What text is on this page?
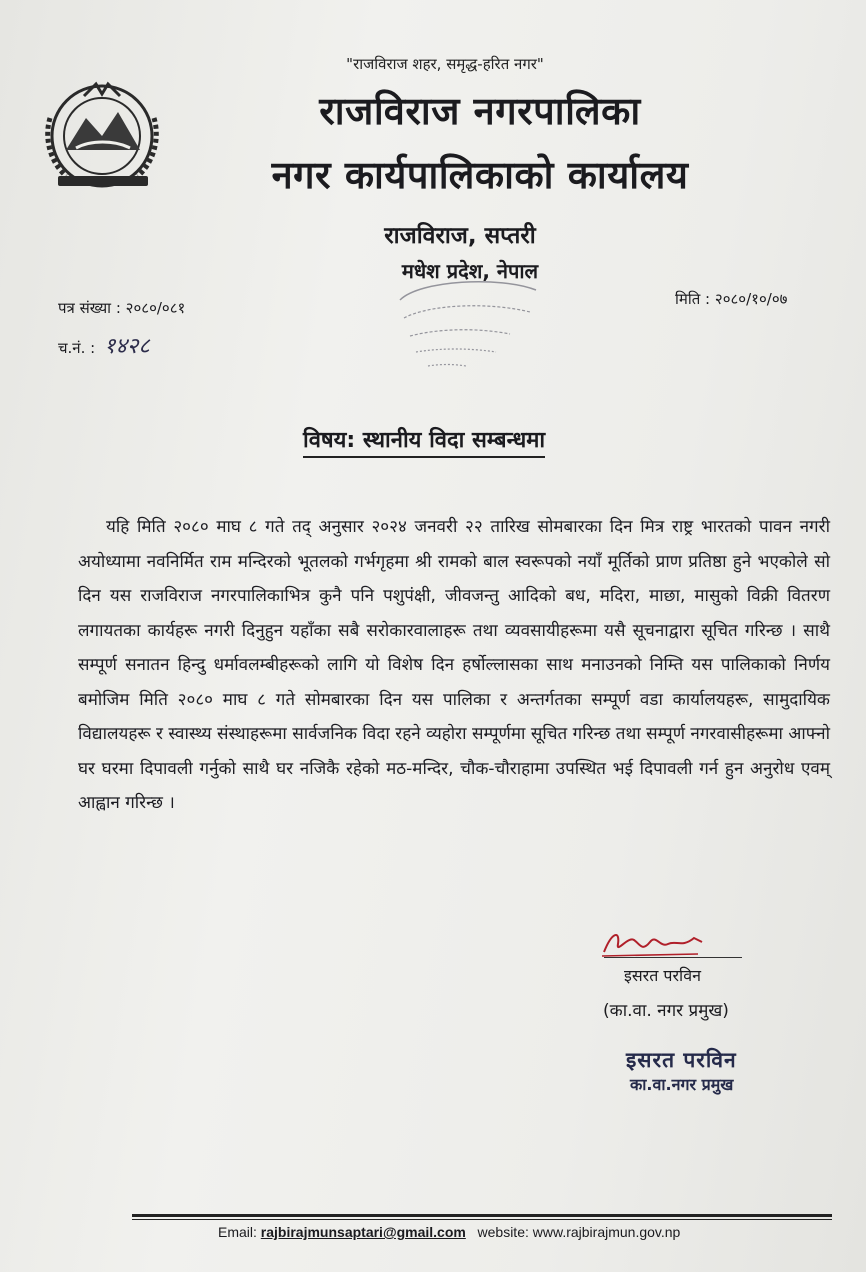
"राजविराज शहर, समृद्ध-हरित नगर"
राजविराज नगरपालिका
नगर कार्यपालिकाको कार्यालय
राजविराज, सप्तरी
मधेश प्रदेश, नेपाल
पत्र संख्या : २०८०/०८१
च.नं. : १४२८
मिति : २०८०/१०/०७
विषय: स्थानीय विदा सम्बन्धमा
यहि मिति २०८० माघ ८ गते तद् अनुसार २०२४ जनवरी २२ तारिख सोमबारका दिन मित्र राष्ट्र भारतको पावन नगरी अयोध्यामा नवनिर्मित राम मन्दिरको भूतलको गर्भगृहमा श्री रामको बाल स्वरूपको नयाँ मूर्तिको प्राण प्रतिष्ठा हुने भएकोले सो दिन यस राजविराज नगरपालिकाभित्र कुनै पनि पशुपंक्षी, जीवजन्तु आदिको बध, मदिरा, माछा, मासुको विक्री वितरण लगायतका कार्यहरू नगरी दिनुहुन यहाँका सबै सरोकारवालाहरू तथा व्यवसायीहरूमा यसै सूचनाद्वारा सूचित गरिन्छ । साथै सम्पूर्ण सनातन हिन्दु धर्मावलम्बीहरूको लागि यो विशेष दिन हर्षोल्लासका साथ मनाउनको निम्ति यस पालिकाको निर्णय बमोजिम मिति २०८० माघ ८ गते सोमबारका दिन यस पालिका र अन्तर्गतका सम्पूर्ण वडा कार्यालयहरू, सामुदायिक विद्यालयहरू र स्वास्थ्य संस्थाहरूमा सार्वजनिक विदा रहने व्यहोरा सम्पूर्णमा सूचित गरिन्छ तथा सम्पूर्ण नगरवासीहरूमा आफ्नो घर घरमा दिपावली गर्नुको साथै घर नजिकै रहेको मठ-मन्दिर, चौक-चौराहामा उपस्थित भई दिपावली गर्न हुन अनुरोध एवम् आह्वान गरिन्छ ।
इसरत परविन
(का.वा. नगर प्रमुख)
इसरत परविन
का.वा.नगर प्रमुख
Email: rajbirajmunsaptari@gmail.com website: www.rajbirajmun.gov.np
